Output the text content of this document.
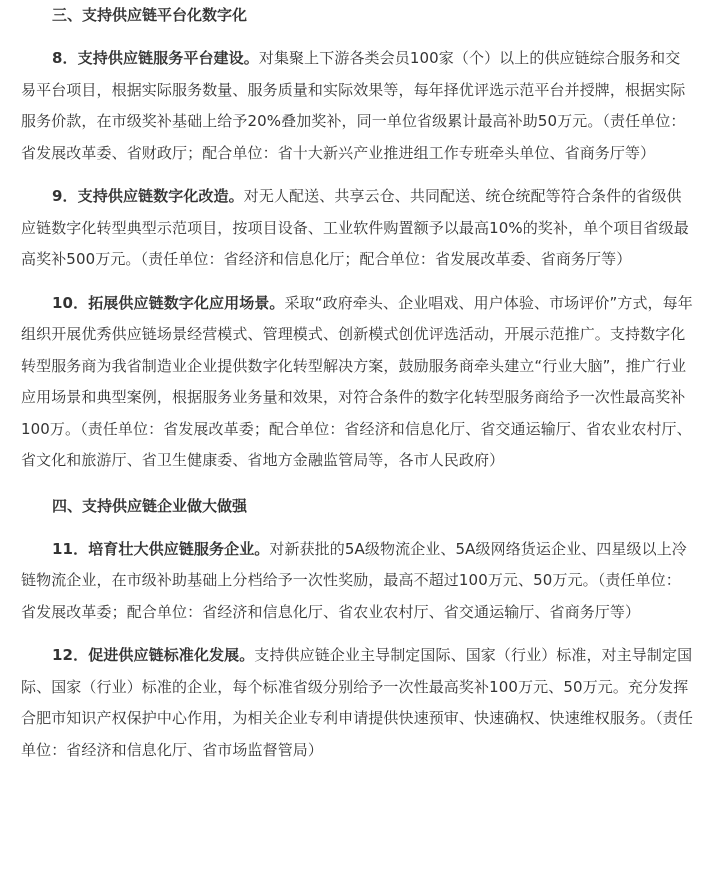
三、支持供应链平台化数字化

8．支持供应链服务平台建设。对集聚上下游各类会员100家（个）以上的供应链综合服务和交易平台项目，根据实际服务数量、服务质量和实际效果等，每年择优评选示范平台并授牌，根据实际服务价款，在市级奖补基础上给予20%叠加奖补，同一单位省级累计最高补助50万元。（责任单位：省发展改革委、省财政厅；配合单位：省十大新兴产业推进组工作专班牵头单位、省商务厅等）

9．支持供应链数字化改造。对无人配送、共享云仓、共同配送、统仓统配等符合条件的省级供应链数字化转型典型示范项目，按项目设备、工业软件购置额予以最高10%的奖补，单个项目省级最高奖补500万元。（责任单位：省经济和信息化厅；配合单位：省发展改革委、省商务厅等）

10．拓展供应链数字化应用场景。采取“政府牵头、企业唱戏、用户体验、市场评价”方式，每年组织开展优秀供应链场景经营模式、管理模式、创新模式创优评选活动，开展示范推广。支持数字化转型服务商为我省制造业企业提供数字化转型解决方案，鼓励服务商牵头建立“行业大脑”，推广行业应用场景和典型案例，根据服务业务量和效果，对符合条件的数字化转型服务商给予一次性最高奖补100万。（责任单位：省发展改革委；配合单位：省经济和信息化厅、省交通运输厅、省农业农村厅、省文化和旅游厅、省卫生健康委、省地方金融监管局等，各市人民政府）

四、支持供应链企业做大做强

11．培育壮大供应链服务企业。对新获批的5A级物流企业、5A级网络货运企业、四星级以上冷链物流企业，在市级补助基础上分档给予一次性奖励，最高不超过100万元、50万元。（责任单位：省发展改革委；配合单位：省经济和信息化厅、省农业农村厅、省交通运输厅、省商务厅等）

12．促进供应链标准化发展。支持供应链企业主导制定国际、国家（行业）标准，对主导制定国际、国家（行业）标准的企业，每个标准省级分别给予一次性最高奖补100万元、50万元。充分发挥合肥市知识产权保护中心作用，为相关企业专利申请提供快速预审、快速确权、快速维权服务。（责任单位：省经济和信息化厅、省市场监督管局）
